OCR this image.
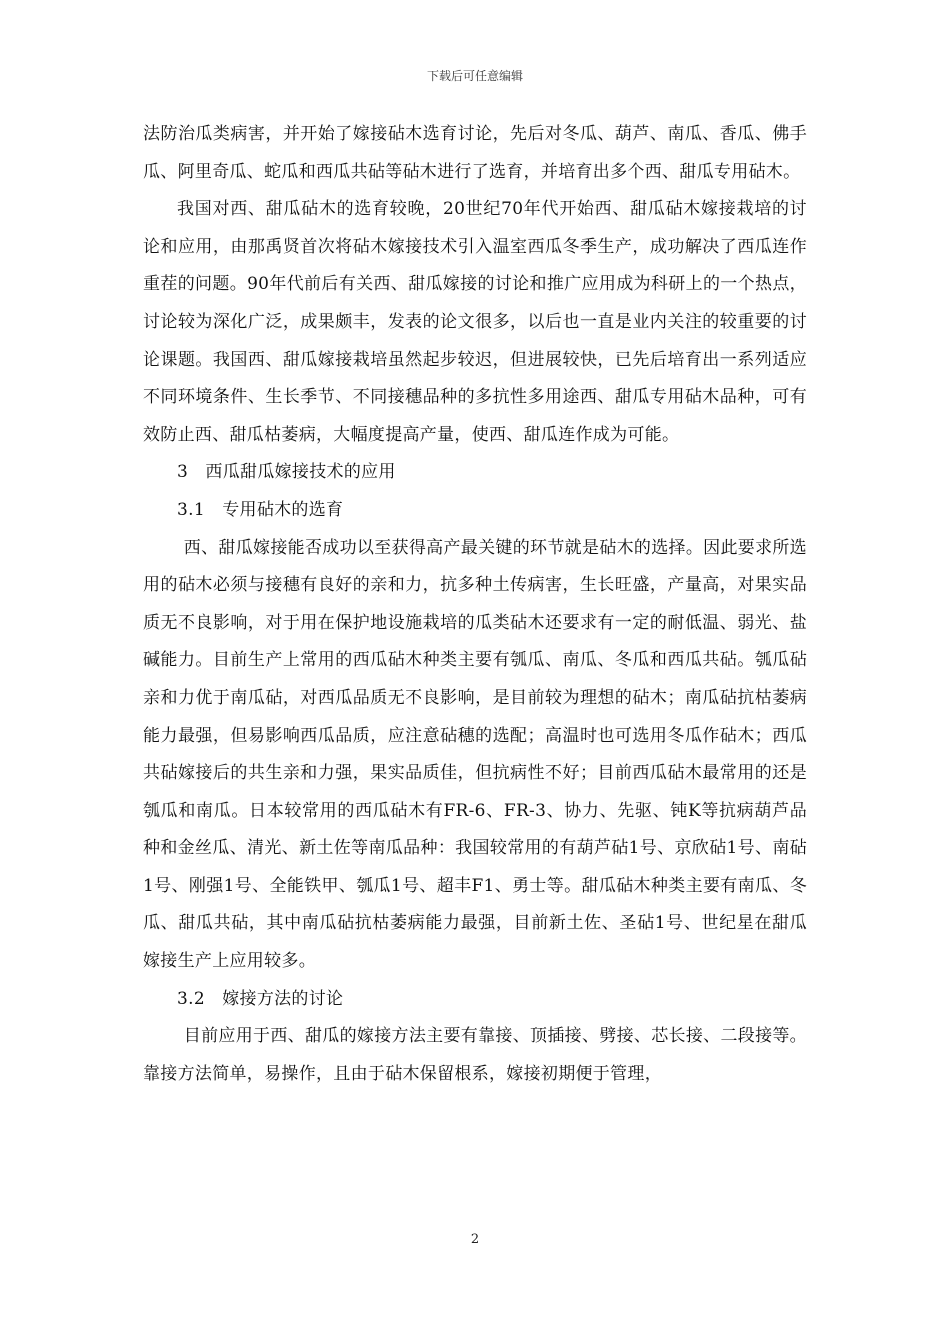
下载后可任意编辑

法防治瓜类病害，并开始了嫁接砧木选育讨论，先后对冬瓜、葫芦、南瓜、香瓜、佛手瓜、阿里奇瓜、蛇瓜和西瓜共砧等砧木进行了选育，并培育出多个西、甜瓜专用砧木。

我国对西、甜瓜砧木的选育较晚，20世纪70年代开始西、甜瓜砧木嫁接栽培的讨论和应用，由那禹贤首次将砧木嫁接技术引入温室西瓜冬季生产，成功解决了西瓜连作重茬的问题。90年代前后有关西、甜瓜嫁接的讨论和推广应用成为科研上的一个热点，讨论较为深化广泛，成果颇丰，发表的论文很多，以后也一直是业内关注的较重要的讨论课题。我国西、甜瓜嫁接栽培虽然起步较迟，但进展较快，已先后培育出一系列适应不同环境条件、生长季节、不同接穗品种的多抗性多用途西、甜瓜专用砧木品种，可有效防止西、甜瓜枯萎病，大幅度提高产量，使西、甜瓜连作成为可能。

3　西瓜甜瓜嫁接技术的应用

3.1　专用砧木的选育

西、甜瓜嫁接能否成功以至获得高产最关键的环节就是砧木的选择。因此要求所选用的砧木必须与接穗有良好的亲和力，抗多种土传病害，生长旺盛，产量高，对果实品质无不良影响，对于用在保护地设施栽培的瓜类砧木还要求有一定的耐低温、弱光、盐碱能力。目前生产上常用的西瓜砧木种类主要有瓠瓜、南瓜、冬瓜和西瓜共砧。瓠瓜砧亲和力优于南瓜砧，对西瓜品质无不良影响，是目前较为理想的砧木；南瓜砧抗枯萎病能力最强，但易影响西瓜品质，应注意砧穗的选配；高温时也可选用冬瓜作砧木；西瓜共砧嫁接后的共生亲和力强，果实品质佳，但抗病性不好；目前西瓜砧木最常用的还是瓠瓜和南瓜。日本较常用的西瓜砧木有FR-6、FR-3、协力、先驱、钝K等抗病葫芦品种和金丝瓜、清光、新土佐等南瓜品种：我国较常用的有葫芦砧1号、京欣砧1号、南砧1号、刚强1号、全能铁甲、瓠瓜1号、超丰F1、勇士等。甜瓜砧木种类主要有南瓜、冬瓜、甜瓜共砧，其中南瓜砧抗枯萎病能力最强，目前新土佐、圣砧1号、世纪星在甜瓜嫁接生产上应用较多。

3.2　嫁接方法的讨论

目前应用于西、甜瓜的嫁接方法主要有靠接、顶插接、劈接、芯长接、二段接等。靠接方法简单，易操作，且由于砧木保留根系，嫁接初期便于管理，

2
